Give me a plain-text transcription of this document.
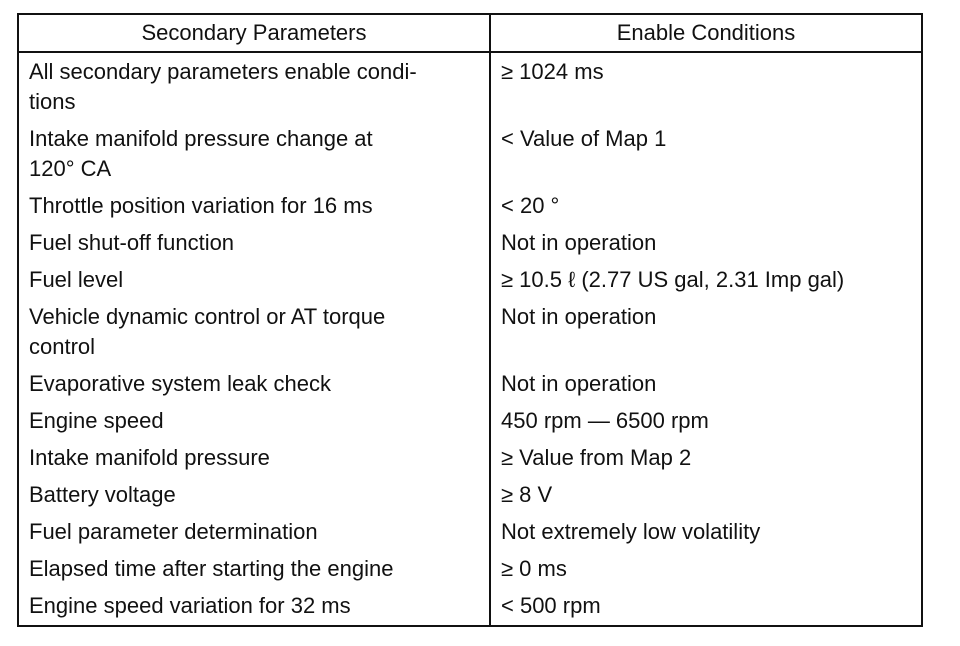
Secondary Parameters	Enable Conditions
All secondary parameters enable condi-
tions	≥ 1024 ms
Intake manifold pressure change at
120° CA	< Value of Map 1
Throttle position variation for 16 ms	< 20 °
Fuel shut-off function	Not in operation
Fuel level	≥ 10.5 ℓ (2.77 US gal, 2.31 Imp gal)
Vehicle dynamic control or AT torque
control	Not in operation
Evaporative system leak check	Not in operation
Engine speed	450 rpm — 6500 rpm
Intake manifold pressure	≥ Value from Map 2
Battery voltage	≥ 8 V
Fuel parameter determination	Not extremely low volatility
Elapsed time after starting the engine	≥ 0 ms
Engine speed variation for 32 ms	< 500 rpm
